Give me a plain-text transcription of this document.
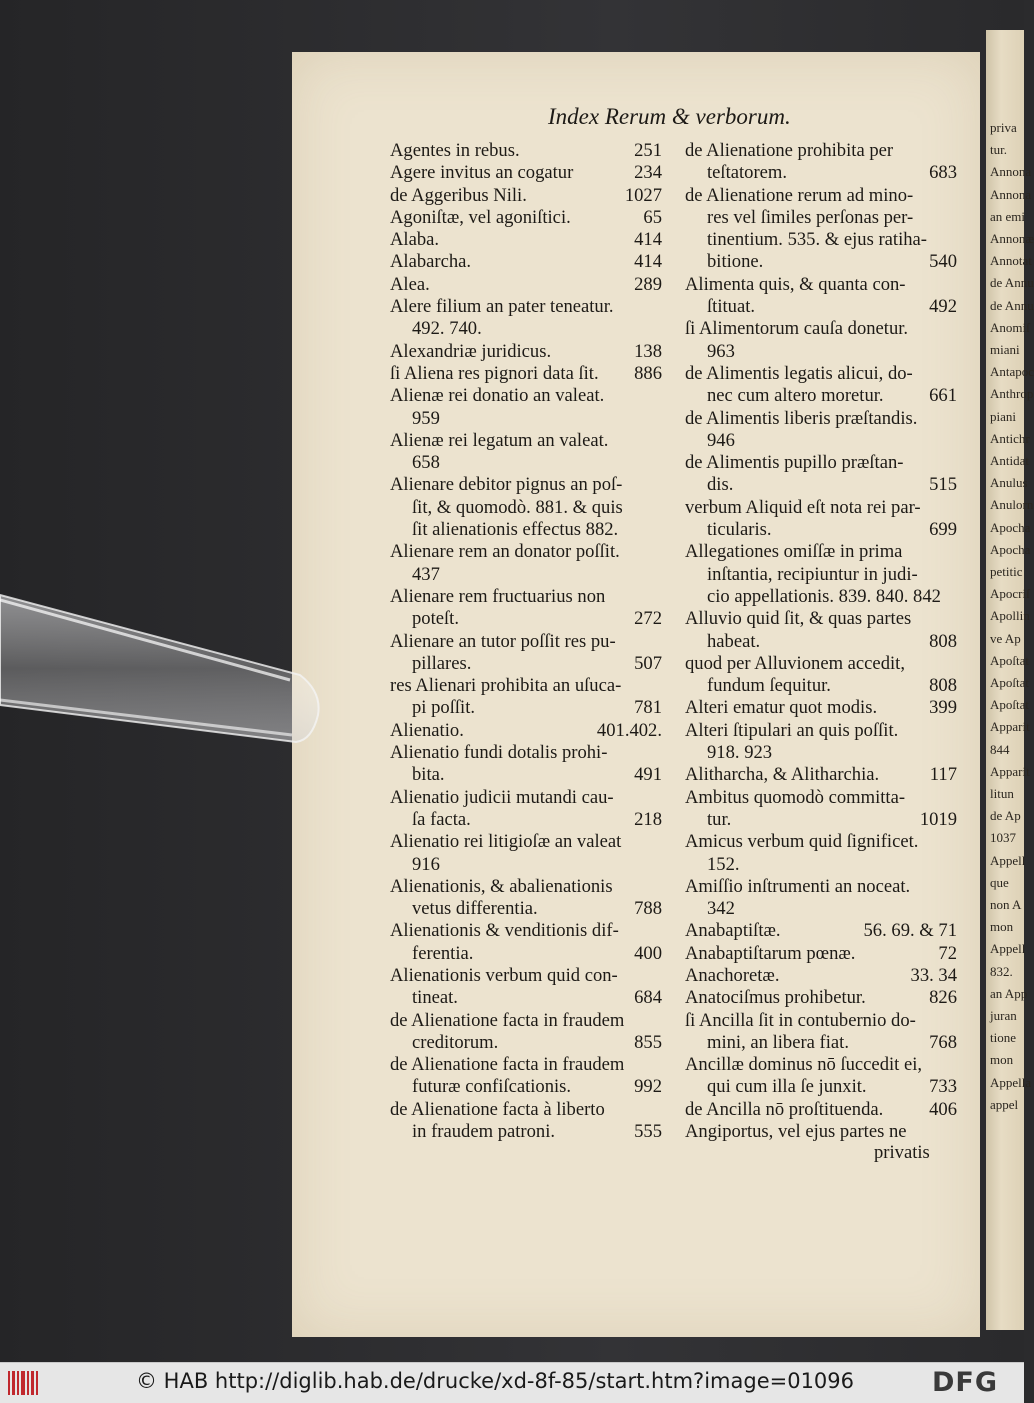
priva
tur.
Annona
Annona
an emi
Annonæ
Annotat
de Annu
de Annu
Anomiſ
miani
Antapoc
Anthrop
piani
Antichr
Antidat
Anulus
Anulorn
Apocha
Apocha
petitic
Apocriſ
Apollin
ve Ap
Apoſtat
Apoſtat
Apoſtat
Apparit
844
Apparit
litun
de Ap
1037
Appell
que
non A
mon
Appell
832.
an App
juran
tione
mon
Appella
appel
Index Rerum & verborum.
Agentes in rebus.	251
Agere invitus an cogatur	234
de Aggeribus Nili.	1027
Agoniſtæ, vel agoniſtici.	65
Alaba.	414
Alabarcha.	414
Alea.	289
Alere filium an pater teneatur.
492. 740.
Alexandriæ juridicus.	138
ſi Aliena res pignori data ſit. 886
Alienæ rei donatio an valeat.
959
Alienæ rei legatum an valeat.
658
Alienare debitor pignus an poſ-
ſit, & quomodò. 881. & quis
ſit alienationis effectus 882.
Alienare rem an donator poſſit.
437
Alienare rem fructuarius non
poteſt.	272
Alienare an tutor poſſit res pu-
pillares.	507
res Alienari prohibita an uſuca-
pi poſſit.	781
Alienatio.	401.402.
Alienatio fundi dotalis prohi-
bita.	491
Alienatio judicii mutandi cau-
ſa facta.	218
Alienatio rei litigioſæ an valeat
916
Alienationis, & abalienationis
vetus differentia.	788
Alienationis & venditionis dif-
ferentia.	400
Alienationis verbum quid con-
tineat.	684
de Alienatione facta in fraudem
creditorum.	855
de Alienatione facta in fraudem
futuræ confiſcationis.	992
de Alienatione facta à liberto
in fraudem patroni.	555
de Alienatione prohibita per
teſtatorem.	683
de Alienatione rerum ad mino-
res vel ſimiles perſonas per-
tinentium. 535. & ejus ratiha-
bitione.	540
Alimenta quis, & quanta con-
ſtituat.	492
ſi Alimentorum cauſa donetur.
963
de Alimentis legatis alicui, do-
nec cum altero moretur. 661
de Alimentis liberis præſtandis.
946
de Alimentis pupillo præſtan-
dis.	515
verbum Aliquid eſt nota rei par-
ticularis.	699
Allegationes omiſſæ in prima
inſtantia, recipiuntur in judi-
cio appellationis. 839. 840. 842
Alluvio quid ſit, & quas partes
habeat.	808
quod per Alluvionem accedit,
fundum ſequitur.	808
Alteri ematur quot modis.	399
Alteri ſtipulari an quis poſſit.
918. 923
Alitharcha, & Alitharchia.	117
Ambitus quomodò committa-
tur.	1019
Amicus verbum quid ſignificet.
152.
Amiſſio inſtrumenti an noceat.
342
Anabaptiſtæ.	56. 69. & 71
Anabaptiſtarum pœnæ.	72
Anachoretæ.	33. 34
Anatociſmus prohibetur.	826
ſi Ancilla ſit in contubernio do-
mini, an libera fiat.	768
Ancillæ dominus nō ſuccedit ei,
qui cum illa ſe junxit.	733
de Ancilla nō proſtituenda. 406
Angiportus, vel ejus partes ne
privatis
© HAB http://diglib.hab.de/drucke/xd-8f-85/start.htm?image=01096	DFG
